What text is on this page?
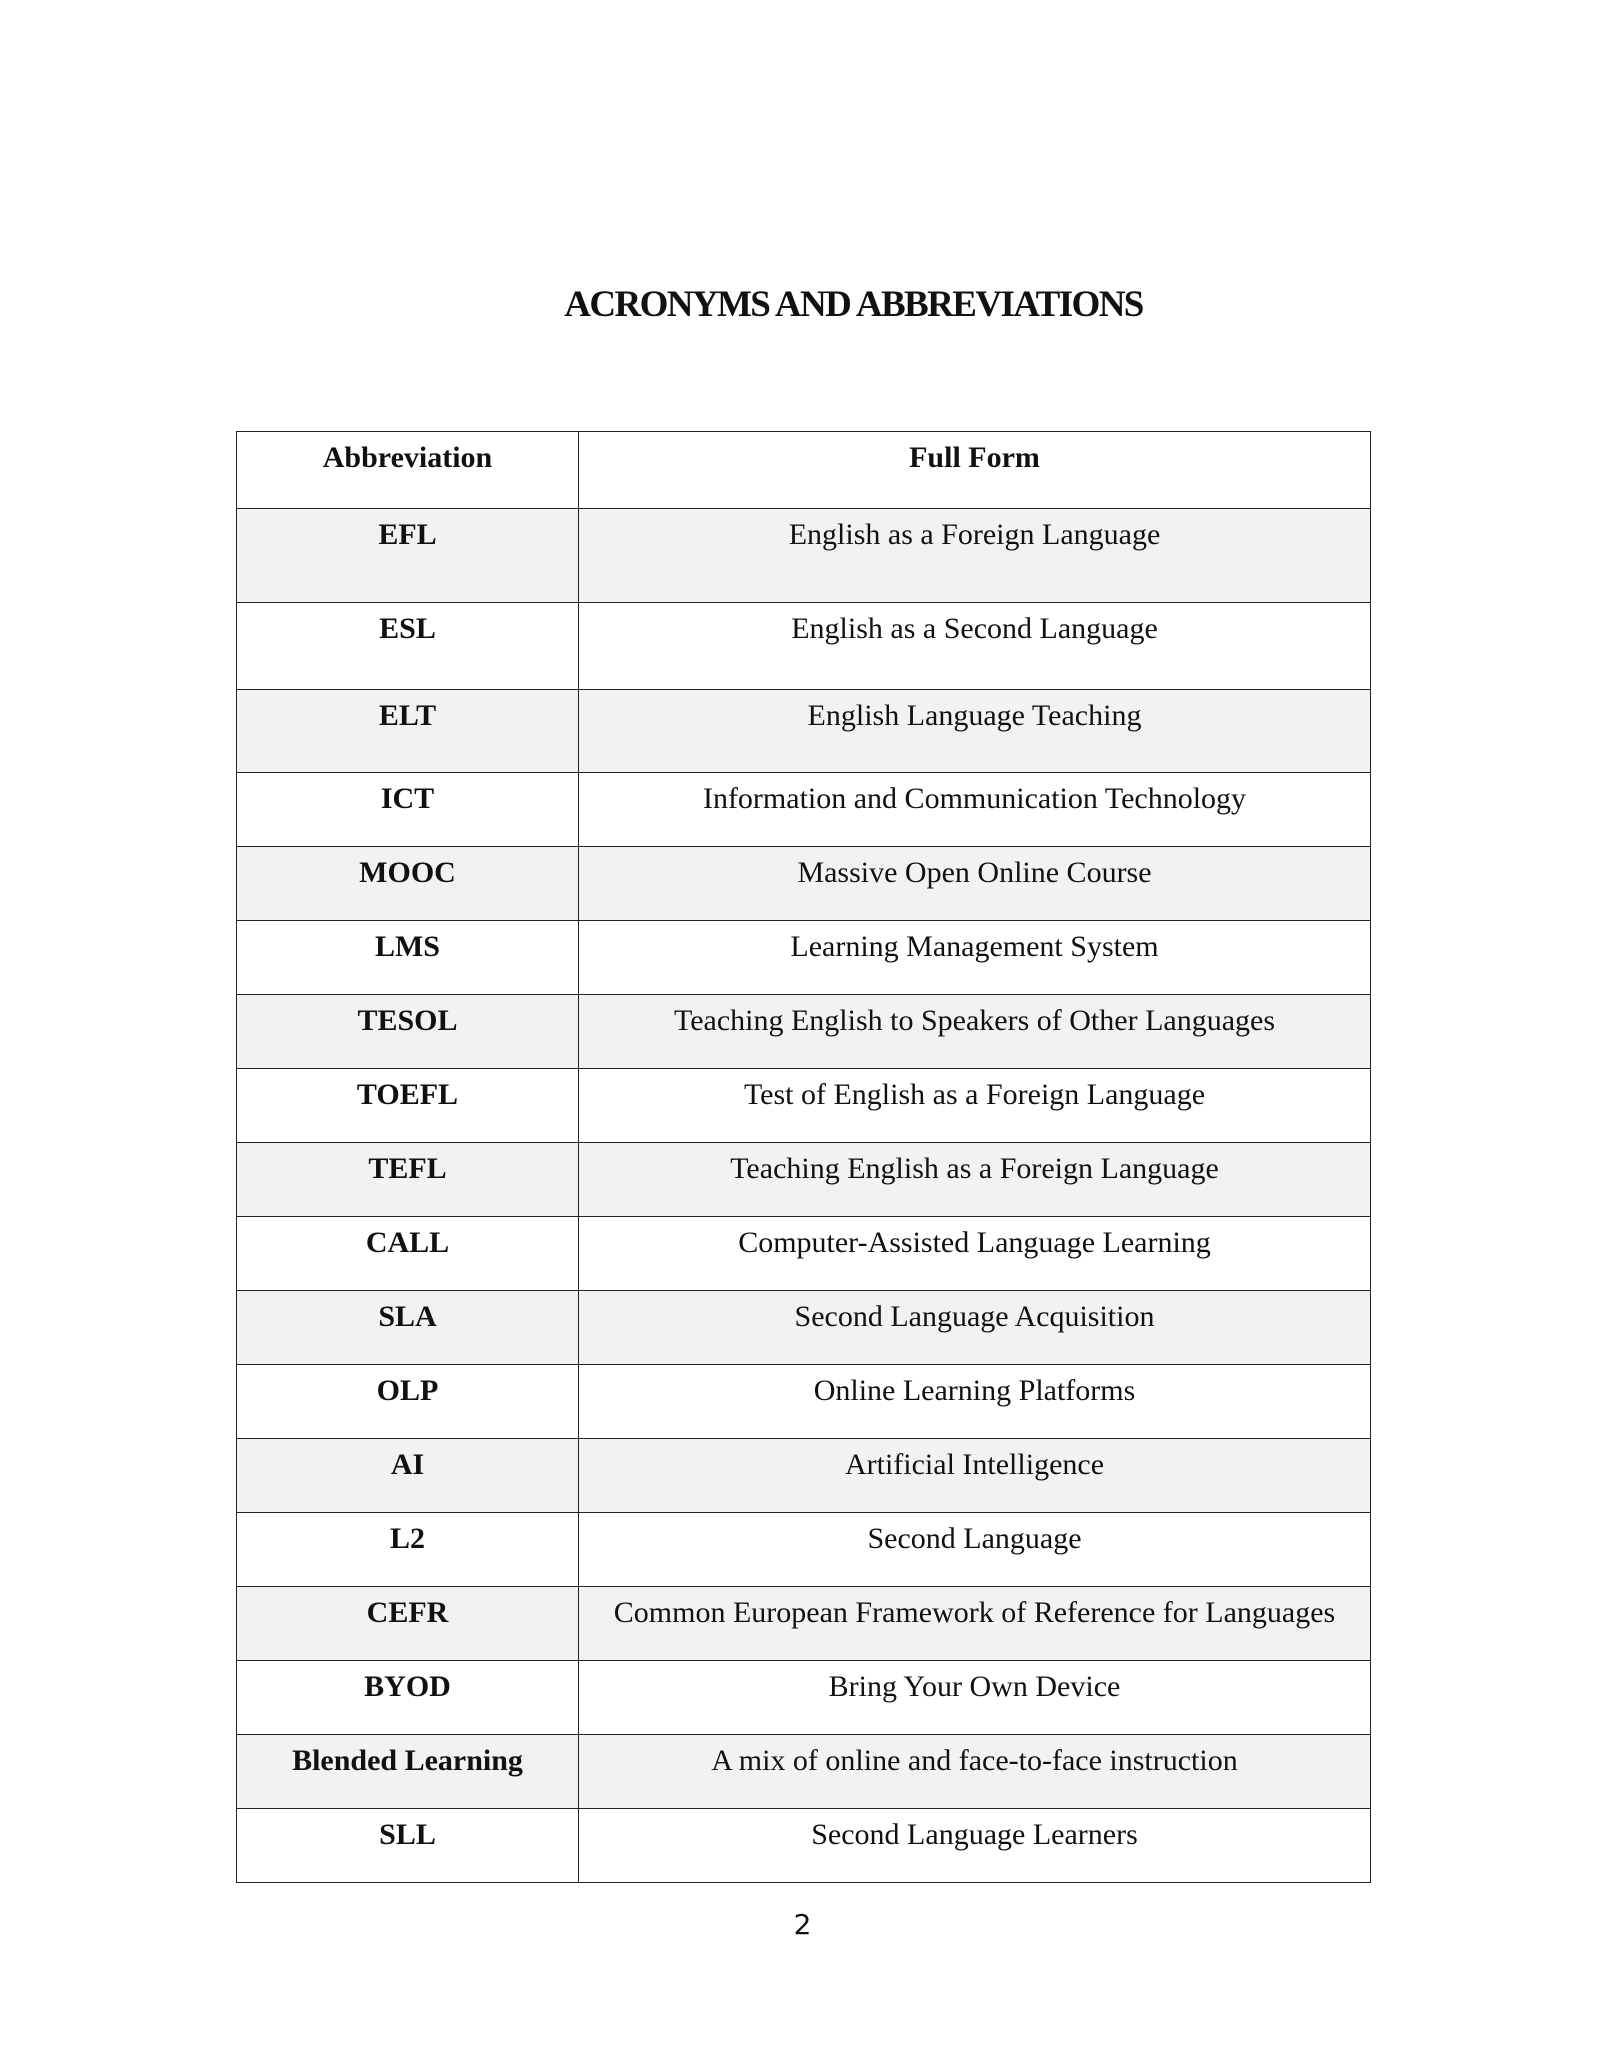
ACRONYMS AND ABBREVIATIONS
Abbreviation	Full Form
EFL	English as a Foreign Language
ESL	English as a Second Language
ELT	English Language Teaching
ICT	Information and Communication Technology
MOOC	Massive Open Online Course
LMS	Learning Management System
TESOL	Teaching English to Speakers of Other Languages
TOEFL	Test of English as a Foreign Language
TEFL	Teaching English as a Foreign Language
CALL	Computer-Assisted Language Learning
SLA	Second Language Acquisition
OLP	Online Learning Platforms
AI	Artificial Intelligence
L2	Second Language
CEFR	Common European Framework of Reference for Languages
BYOD	Bring Your Own Device
Blended Learning	A mix of online and face-to-face instruction
SLL	Second Language Learners
2
